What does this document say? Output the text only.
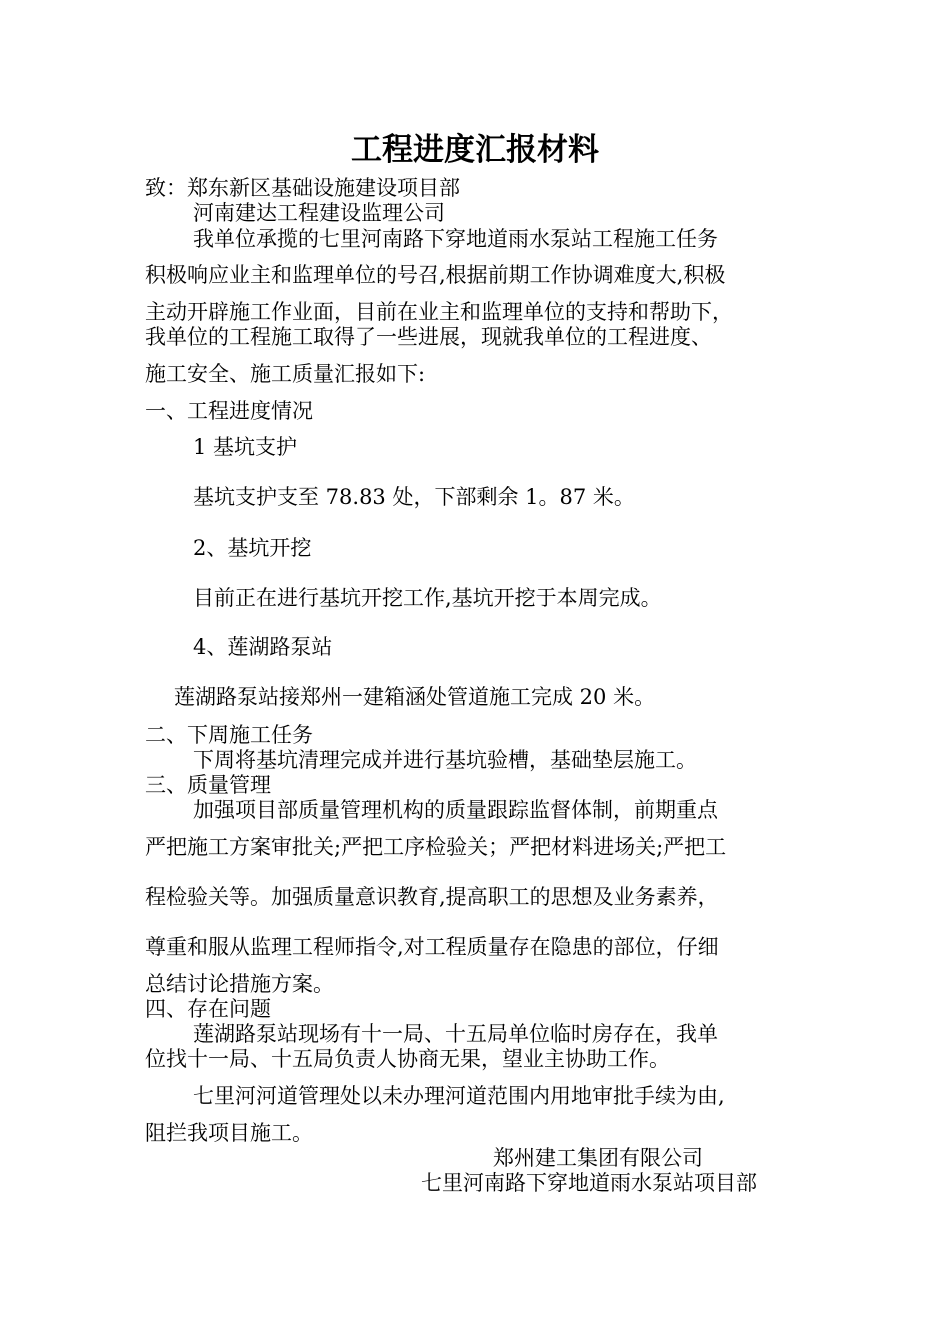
工程进度汇报材料
致：郑东新区基础设施建设项目部
河南建达工程建设监理公司
我单位承揽的七里河南路下穿地道雨水泵站工程施工任务
积极响应业主和监理单位的号召,根据前期工作协调难度大,积极
主动开辟施工作业面，目前在业主和监理单位的支持和帮助下，
我单位的工程施工取得了一些进展，现就我单位的工程进度、
施工安全、施工质量汇报如下:
一、工程进度情况
1 基坑支护
基坑支护支至 78.83 处，下部剩余 1。87 米。
2、基坑开挖
目前正在进行基坑开挖工作,基坑开挖于本周完成。
4、莲湖路泵站
莲湖路泵站接郑州一建箱涵处管道施工完成 20 米。
二、下周施工任务
下周将基坑清理完成并进行基坑验槽，基础垫层施工。
三、质量管理
加强项目部质量管理机构的质量跟踪监督体制，前期重点
严把施工方案审批关;严把工序检验关；严把材料进场关;严把工
程检验关等。加强质量意识教育,提高职工的思想及业务素养，
尊重和服从监理工程师指令,对工程质量存在隐患的部位，仔细
总结讨论措施方案。
四、存在问题
莲湖路泵站现场有十一局、十五局单位临时房存在，我单
位找十一局、十五局负责人协商无果，望业主协助工作。
七里河河道管理处以未办理河道范围内用地审批手续为由,
阻拦我项目施工。
郑州建工集团有限公司
七里河南路下穿地道雨水泵站项目部
